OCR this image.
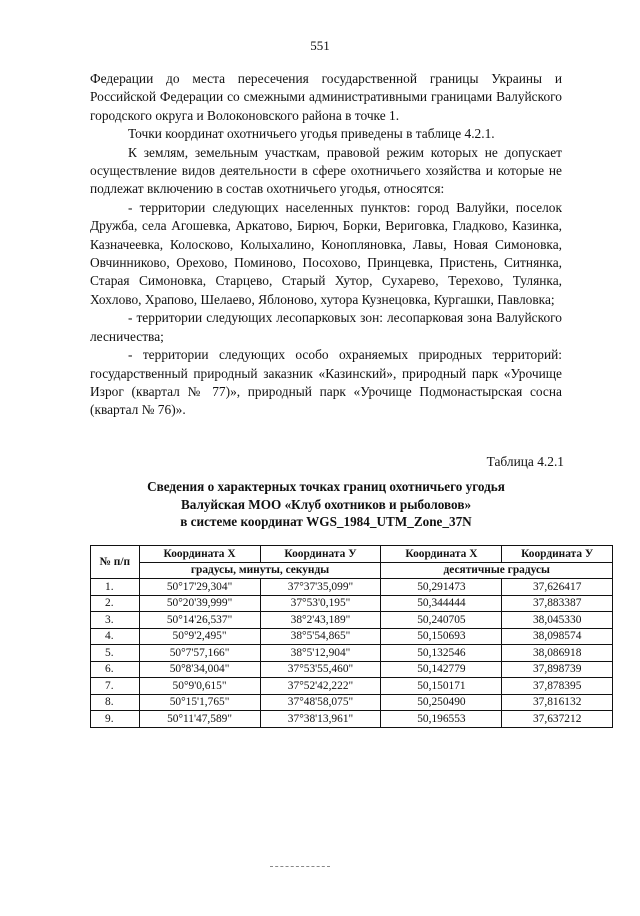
551

Федерации до места пересечения государственной границы Украины и Российской Федерации со смежными административными границами Валуйского городского округа и Волоконовского района в точке 1.

Точки координат охотничьего угодья приведены в таблице 4.2.1.

К землям, земельным участкам, правовой режим которых не допускает осуществление видов деятельности в сфере охотничьего хозяйства и которые не подлежат включению в состав охотничьего угодья, относятся:

- территории следующих населенных пунктов: город Валуйки, поселок Дружба, села Агошевка, Аркатово, Бирюч, Борки, Вериговка, Гладково, Казинка, Казначеевка, Колосково, Колыхалино, Конопляновка, Лавы, Новая Симоновка, Овчинниково, Орехово, Поминово, Посохово, Принцевка, Пристень, Ситнянка, Старая Симоновка, Старцево, Старый Хутор, Сухарево, Терехово, Тулянка, Хохлово, Храпово, Шелаево, Яблоново, хутора Кузнецовка, Кургашки, Павловка;

- территории следующих лесопарковых зон: лесопарковая зона Валуйского лесничества;

- территории следующих особо охраняемых природных территорий: государственный природный заказник «Казинский», природный парк «Урочище Изрог (квартал № 77)», природный парк «Урочище Подмонастырская сосна (квартал № 76)».

Таблица 4.2.1
Сведения о характерных точках границ охотничьего угодья
Валуйская МОО «Клуб охотников и рыболовов»
в системе координат WGS_1984_UTM_Zone_37N
№ п/п	Координата X	Координата У	Координата X	Координата У
	градусы, минуты, секунды		десятичные градусы	
1.	50°17'29,304"	37°37'35,099"	50,291473	37,626417
2.	50°20'39,999"	37°53'0,195"	50,344444	37,883387
3.	50°14'26,537"	38°2'43,189"	50,240705	38,045330
4.	50°9'2,495"	38°5'54,865"	50,150693	38,098574
5.	50°7'57,166"	38°5'12,904"	50,132546	38,086918
6.	50°8'34,004"	37°53'55,460"	50,142779	37,898739
7.	50°9'0,615"	37°52'42,222"	50,150171	37,878395
8.	50°15'1,765"	37°48'58,075"	50,250490	37,816132
9.	50°11'47,589"	37°38'13,961"	50,196553	37,637212
